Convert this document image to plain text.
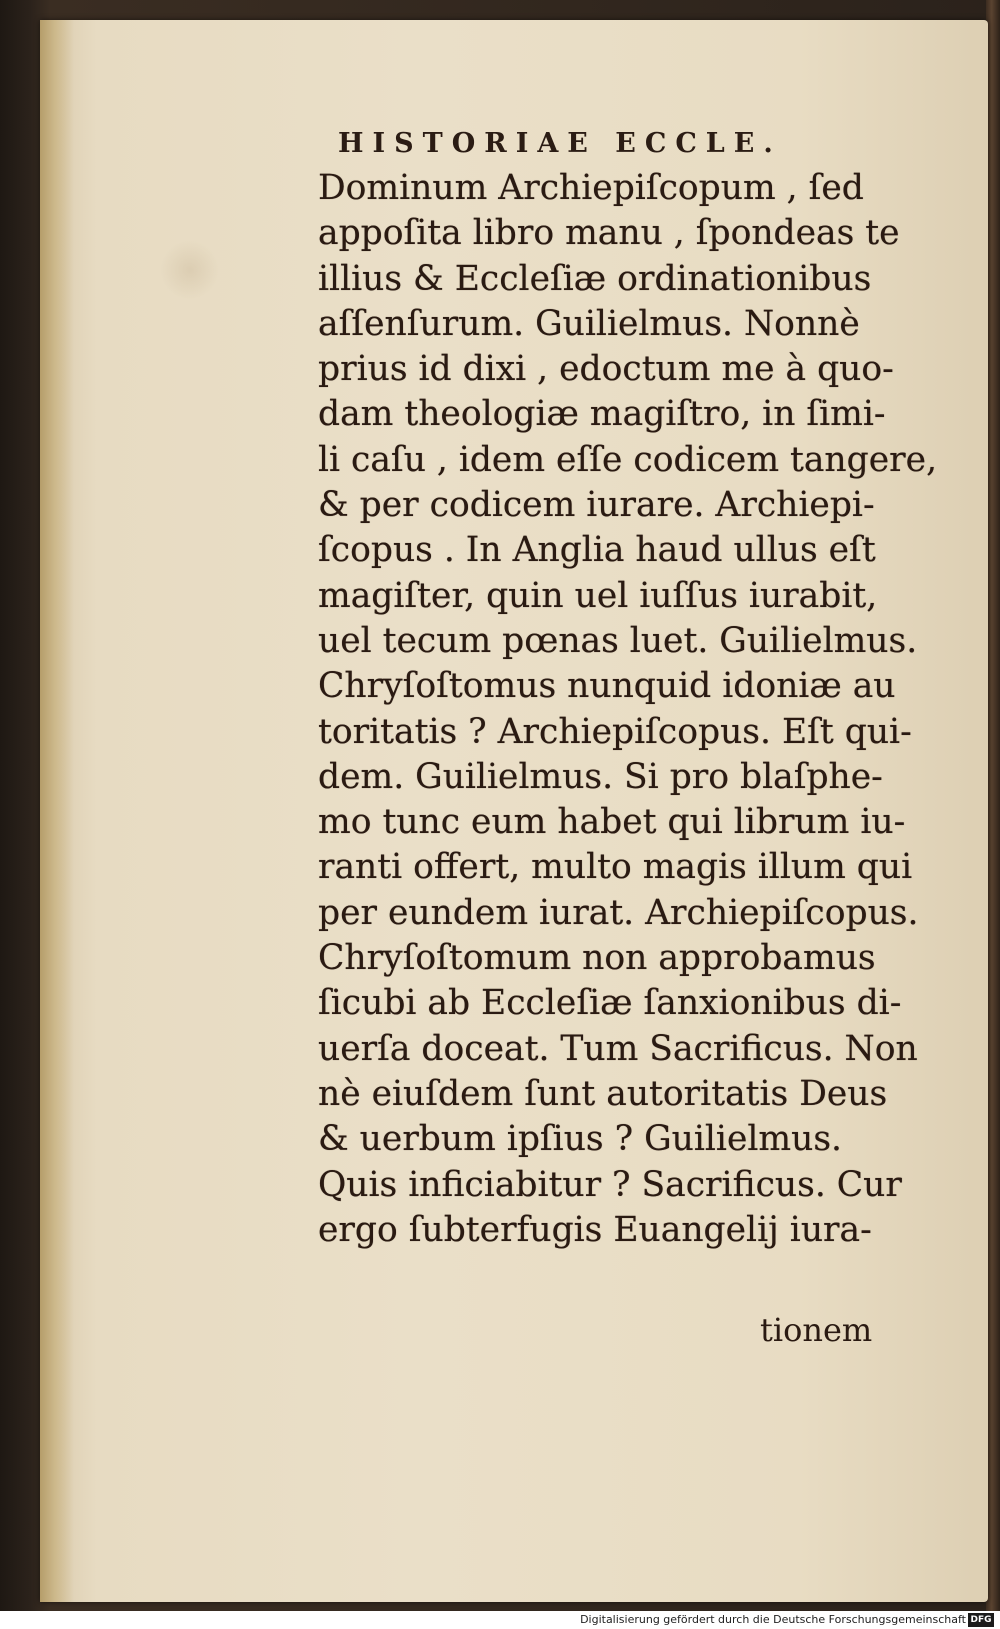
HISTORIAE ECCLE.
Dominum Archiepiſcopum , ſed
appoſita libro manu , ſpondeas te
illius & Eccleſiæ ordinationibus
aſſenſurum. Guilielmus. Nonnè
prius id dixi , edoctum me à quo-
dam theologiæ magiſtro, in ſimi-
li caſu , idem eſſe codicem tangere,
& per codicem iurare. Archiepi-
ſcopus . In Anglia haud ullus eſt
magiſter, quin uel iuſſus iurabit,
uel tecum pœnas luet. Guilielmus.
Chryſoſtomus nunquid idoniæ au
toritatis ? Archiepiſcopus. Eſt qui-
dem. Guilielmus. Si pro blaſphe-
mo tunc eum habet qui librum iu-
ranti offert, multo magis illum qui
per eundem iurat. Archiepiſcopus.
Chryſoſtomum non approbamus
ſicubi ab Eccleſiæ ſanxionibus di-
uerſa doceat. Tum Sacrificus. Non
nè eiuſdem ſunt autoritatis Deus
& uerbum ipſius ? Guilielmus.
Quis inficiabitur ? Sacrificus. Cur
ergo ſubterfugis Euangelij iura-
tionem
Digitalisierung gefördert durch die Deutsche Forschungsgemeinschaft DFG
